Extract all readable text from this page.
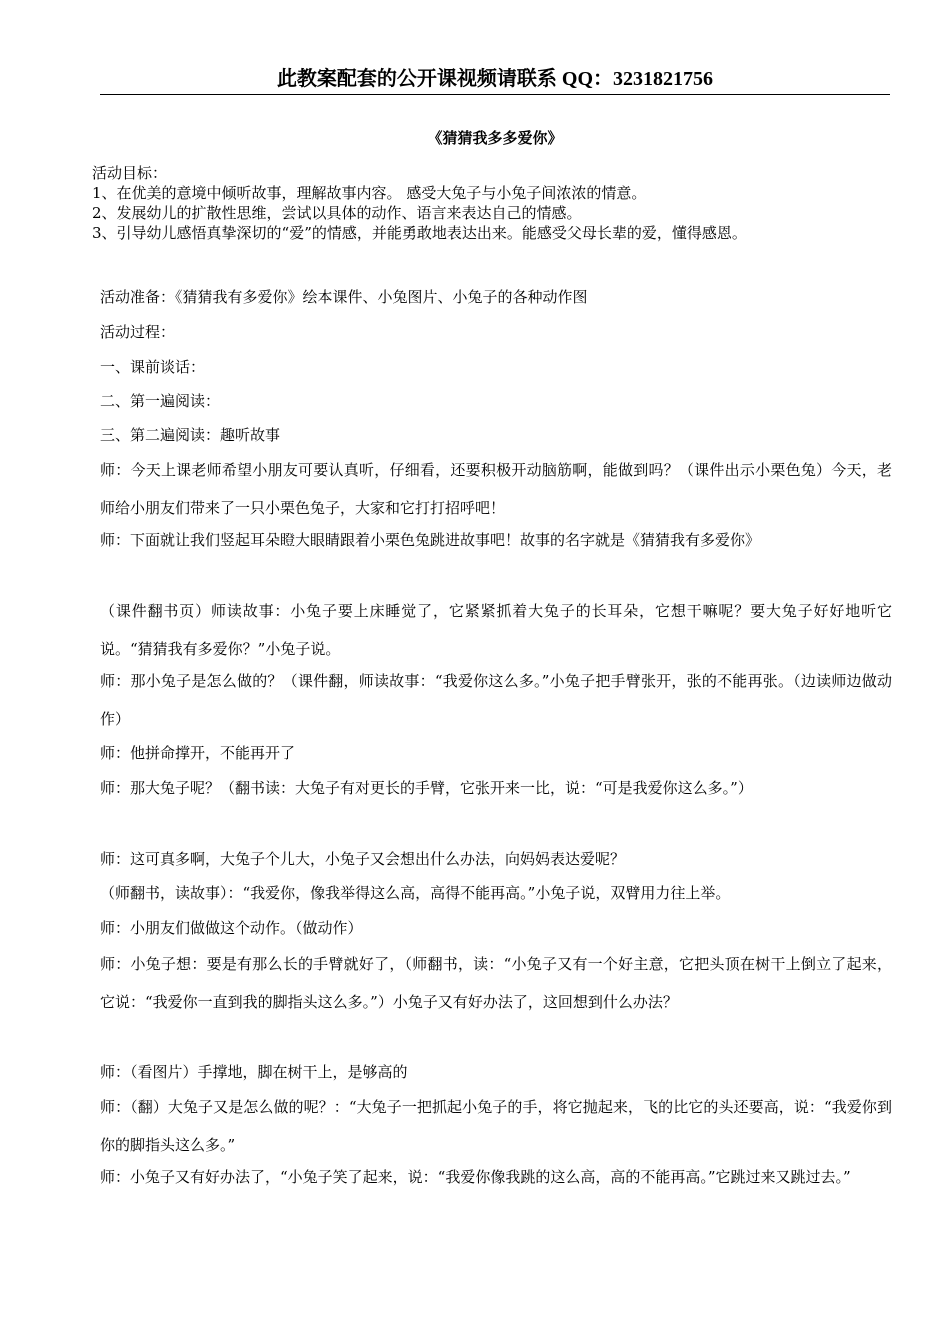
此教案配套的公开课视频请联系 QQ：3231821756
《猜猜我多多爱你》
活动目标：
1、在优美的意境中倾听故事，理解故事内容。 感受大兔子与小兔子间浓浓的情意。
2、发展幼儿的扩散性思维，尝试以具体的动作、语言来表达自己的情感。
3、引导幼儿感悟真挚深切的“爱”的情感，并能勇敢地表达出来。能感受父母长辈的爱，懂得感恩。
活动准备：《猜猜我有多爱你》绘本课件、小兔图片、小兔子的各种动作图
活动过程：
一、课前谈话：
二、第一遍阅读：
三、第二遍阅读：趣听故事
师：今天上课老师希望小朋友可要认真听，仔细看，还要积极开动脑筋啊，能做到吗？（课件出示小栗色兔）今天，老师给小朋友们带来了一只小栗色兔子，大家和它打打招呼吧！
师：下面就让我们竖起耳朵瞪大眼睛跟着小栗色兔跳进故事吧！故事的名字就是《猜猜我有多爱你》
（课件翻书页）师读故事：小兔子要上床睡觉了，它紧紧抓着大兔子的长耳朵，它想干嘛呢？要大兔子好好地听它说。“猜猜我有多爱你？”小兔子说。
师：那小兔子是怎么做的？（课件翻，师读故事：“我爱你这么多。”小兔子把手臂张开，张的不能再张。（边读师边做动作）
师：他拼命撑开，不能再开了
师：那大兔子呢？（翻书读：大兔子有对更长的手臂，它张开来一比，说：“可是我爱你这么多。”）
师：这可真多啊，大兔子个儿大，小兔子又会想出什么办法，向妈妈表达爱呢？
（师翻书，读故事）：“我爱你，像我举得这么高，高得不能再高。”小兔子说，双臂用力往上举。
师：小朋友们做做这个动作。（做动作）
师：小兔子想：要是有那么长的手臂就好了，（师翻书，读：“小兔子又有一个好主意，它把头顶在树干上倒立了起来，它说：“我爱你一直到我的脚指头这么多。”）小兔子又有好办法了，这回想到什么办法？
师：（看图片）手撑地，脚在树干上，是够高的
师：（翻）大兔子又是怎么做的呢？：“大兔子一把抓起小兔子的手，将它抛起来，飞的比它的头还要高，说：“我爱你到你的脚指头这么多。”
师：小兔子又有好办法了，“小兔子笑了起来，说：“我爱你像我跳的这么高，高的不能再高。”它跳过来又跳过去。”
